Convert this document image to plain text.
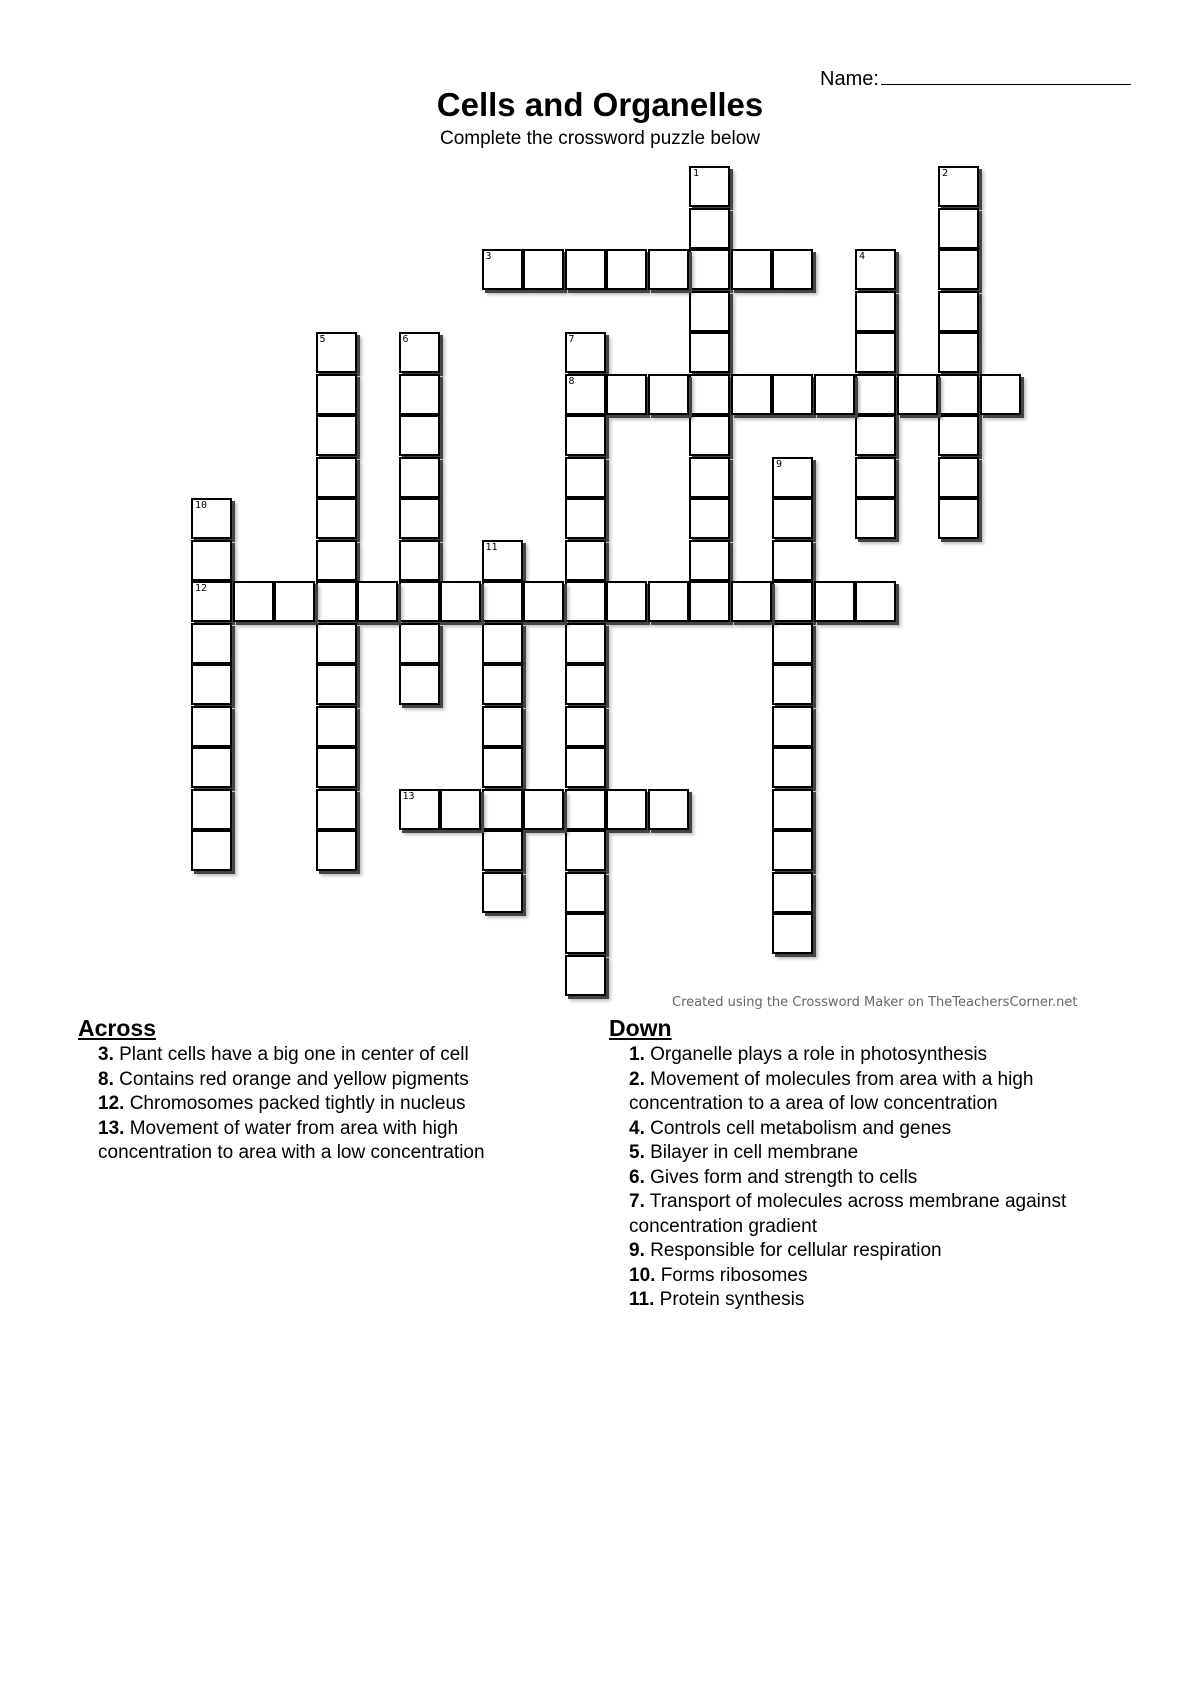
Name:
Cells and Organelles
Complete the crossword puzzle below
1	2
3	4
5	6	7
8
9
10
12
11
13
Created using the Crossword Maker on TheTeachersCorner.net
Across
3. Plant cells have a big one in center of cell
8. Contains red orange and yellow pigments
12. Chromosomes packed tightly in nucleus
13. Movement of water from area with high concentration to area with a low concentration
Down
1. Organelle plays a role in photosynthesis
2. Movement of molecules from area with a high concentration to a area of low concentration
4. Controls cell metabolism and genes
5. Bilayer in cell membrane
6. Gives form and strength to cells
7. Transport of molecules across membrane against concentration gradient
9. Responsible for cellular respiration
10. Forms ribosomes
11. Protein synthesis
